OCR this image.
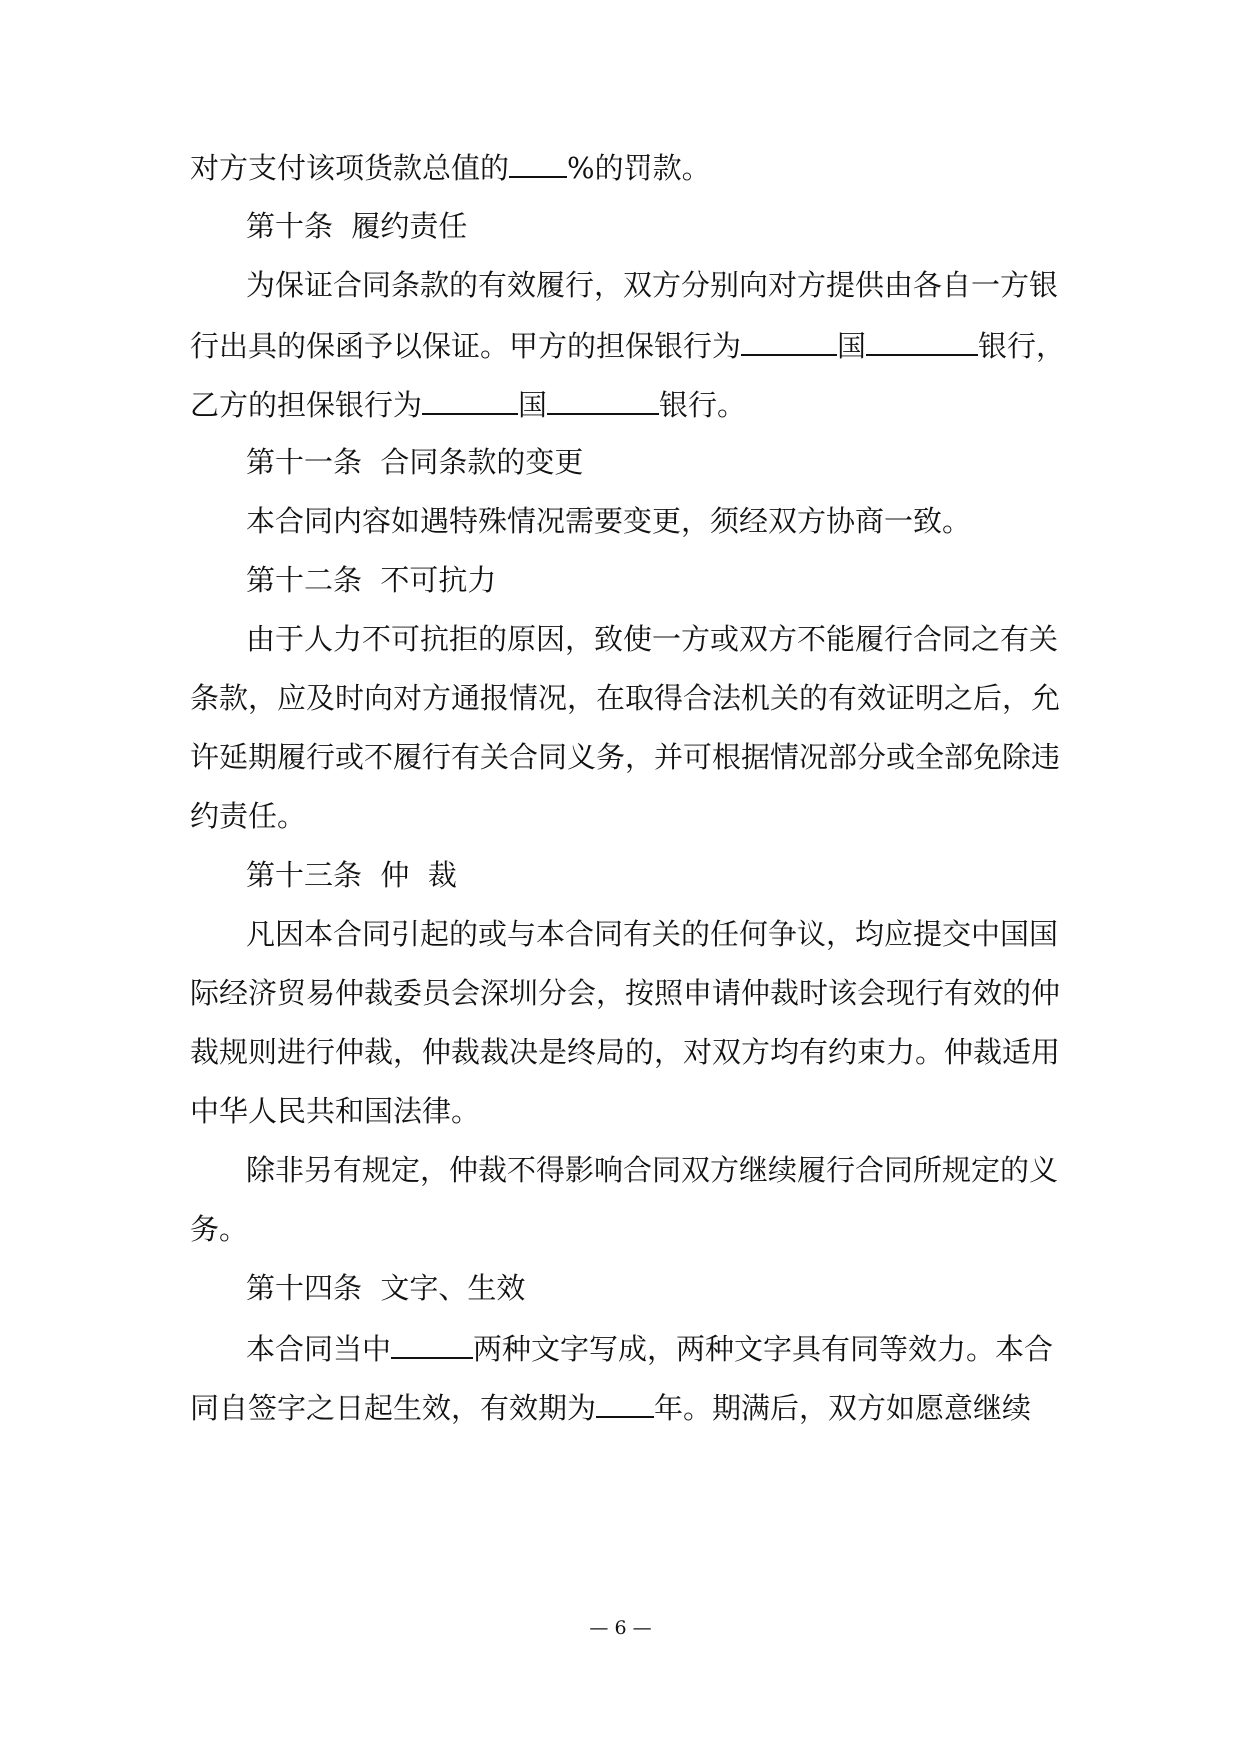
对方支付该项货款总值的 %的罚款。
第十条  履约责任
为保证合同条款的有效履行，双方分别向对方提供由各自一方银
行出具的保函予以保证。甲方的担保银行为	国	银行，
乙方的担保银行为	国	银行。
第十一条  合同条款的变更
本合同内容如遇特殊情况需要变更，须经双方协商一致。
第十二条  不可抗力
由于人力不可抗拒的原因，致使一方或双方不能履行合同之有关
条款，应及时向对方通报情况，在取得合法机关的有效证明之后，允
许延期履行或不履行有关合同义务，并可根据情况部分或全部免除违
约责任。
第十三条  仲  裁
凡因本合同引起的或与本合同有关的任何争议，均应提交中国国
际经济贸易仲裁委员会深圳分会，按照申请仲裁时该会现行有效的仲
裁规则进行仲裁，仲裁裁决是终局的，对双方均有约束力。仲裁适用
中华人民共和国法律。
除非另有规定，仲裁不得影响合同双方继续履行合同所规定的义
务。
第十四条  文字、生效
本合同当中	两种文字写成，两种文字具有同等效力。本合
同自签字之日起生效，有效期为 年。期满后，双方如愿意继续
— 6 —
